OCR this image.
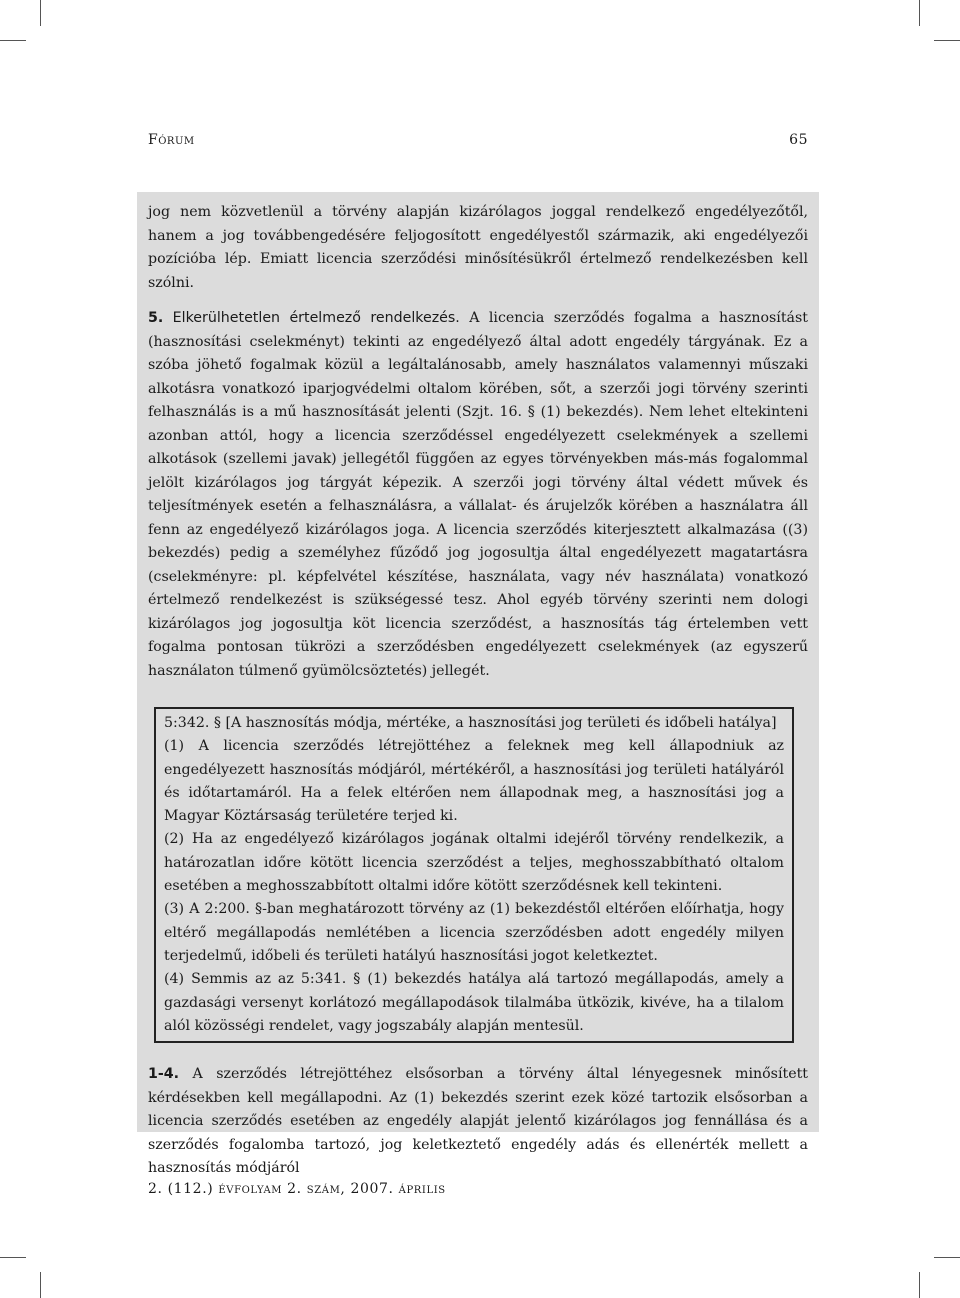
Fórum	65

jog nem közvetlenül a törvény alapján kizárólagos joggal rendelkező engedélyezőtől, hanem a jog továbbengedésére feljogosított engedélyestől származik, aki engedélyezői pozícióba lép. Emiatt licencia szerződési minősítésükről értelmező rendelkezésben kell szólni.

5. Elkerülhetetlen értelmező rendelkezés. A licencia szerződés fogalma a hasznosítást (hasznosítási cselekményt) tekinti az engedélyező által adott engedély tárgyának. Ez a szóba jöhető fogalmak közül a legáltalánosabb, amely használatos valamennyi műszaki alkotásra vonatkozó iparjogvédelmi oltalom körében, sőt, a szerzői jogi törvény szerinti felhasználás is a mű hasznosítását jelenti (Szjt. 16. § (1) bekezdés). Nem lehet eltekinteni azonban attól, hogy a licencia szerződéssel engedélyezett cselekmények a szellemi alkotások (szellemi javak) jellegétől függően az egyes törvényekben más-más fogalommal jelölt kizárólagos jog tárgyát képezik. A szerzői jogi törvény által védett művek és teljesítmények esetén a felhasználásra, a vállalat- és árujelzők körében a használatra áll fenn az engedélyező kizárólagos joga. A licencia szerződés kiterjesztett alkalmazása ((3) bekezdés) pedig a személyhez fűződő jog jogosultja által engedélyezett magatartásra (cselekményre: pl. képfelvétel készítése, használata, vagy név használata) vonatkozó értelmező rendelkezést is szükségessé tesz. Ahol egyéb törvény szerinti nem dologi kizárólagos jog jogosultja köt licencia szerződést, a hasznosítás tág értelemben vett fogalma pontosan tükrözi a szerződésben engedélyezett cselekmények (az egyszerű használaton túlmenő gyümölcsöztetés) jellegét.

5:342. § [A hasznosítás módja, mértéke, a hasznosítási jog területi és időbeli hatálya]

(1) A licencia szerződés létrejöttéhez a feleknek meg kell állapodniuk az engedélyezett hasznosítás módjáról, mértékéről, a hasznosítási jog területi hatályáról és időtartamáról. Ha a felek eltérően nem állapodnak meg, a hasznosítási jog a Magyar Köztársaság területére terjed ki.

(2) Ha az engedélyező kizárólagos jogának oltalmi idejéről törvény rendelkezik, a határozatlan időre kötött licencia szerződést a teljes, meghosszabbítható oltalom esetében a meghosszabbított oltalmi időre kötött szerződésnek kell tekinteni.

(3) A 2:200. §-ban meghatározott törvény az (1) bekezdéstől eltérően előírhatja, hogy eltérő megállapodás nemlétében a licencia szerződésben adott engedély milyen terjedelmű, időbeli és területi hatályú hasznosítási jogot keletkeztet.

(4) Semmis az az 5:341. § (1) bekezdés hatálya alá tartozó megállapodás, amely a gazdasági versenyt korlátozó megállapodások tilalmába ütközik, kivéve, ha a tilalom alól közösségi rendelet, vagy jogszabály alapján mentesül.

1-4. A szerződés létrejöttéhez elsősorban a törvény által lényegesnek minősített kérdésekben kell megállapodni. Az (1) bekezdés szerint ezek közé tartozik elsősorban a licencia szerződés esetében az engedély alapját jelentő kizárólagos jog fennállása és a szerződés fogalomba tartozó, jog keletkeztető engedély adás és ellenérték mellett a hasznosítás módjáról

2. (112.) évfolyam 2. szám, 2007. április
